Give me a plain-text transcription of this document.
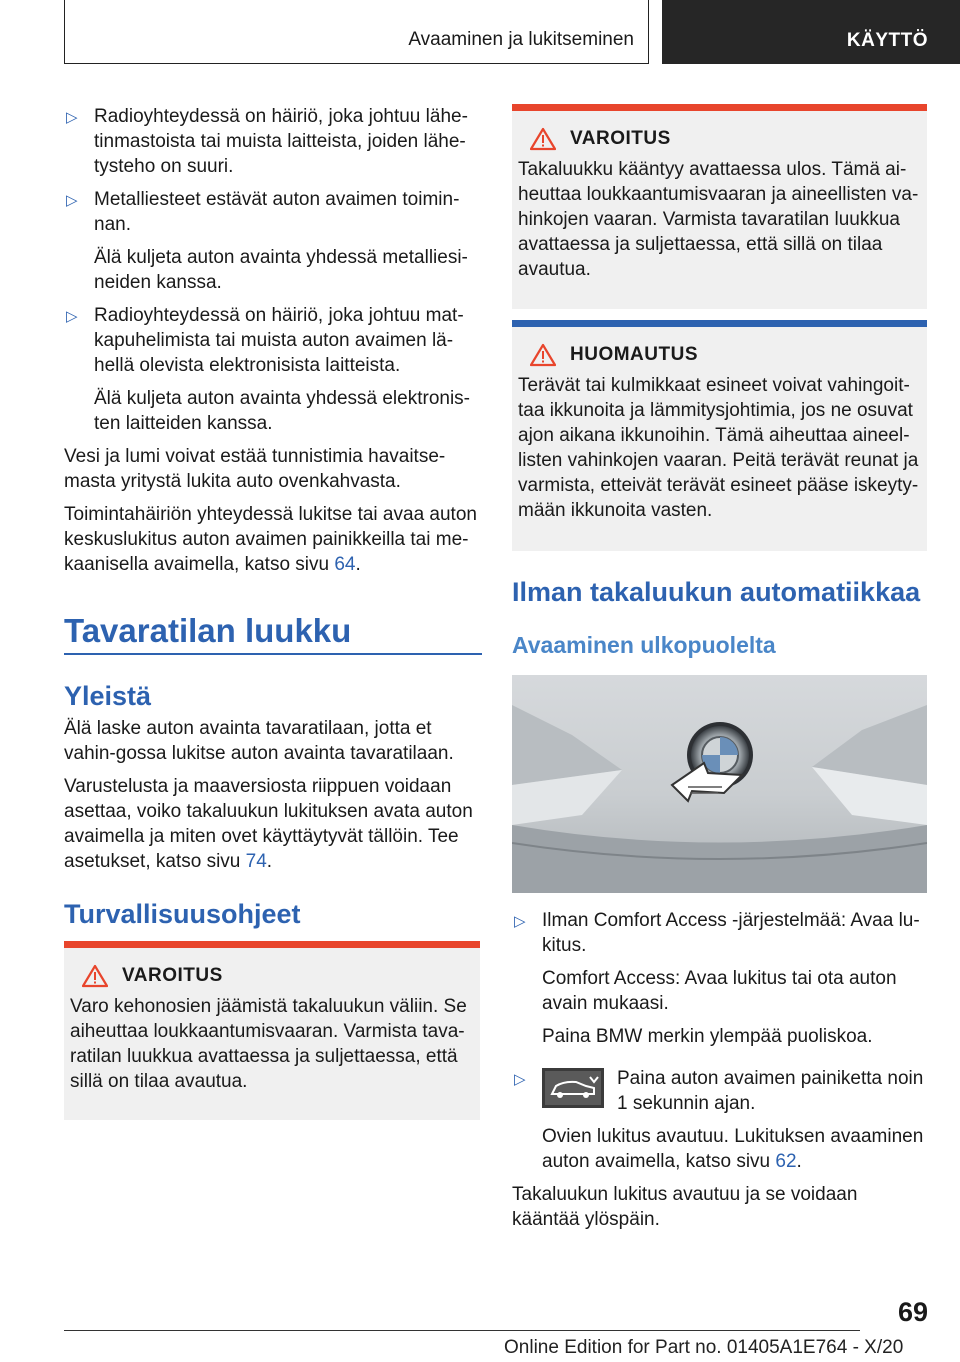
Avaaminen ja lukitseminen	KÄYTTÖ
▷ Radioyhteydessä on häiriö, joka johtuu lähe-tinmastoista tai muista laitteista, joiden lähe-tysteho on suuri.

▷ Metalliesteet estävät auton avaimen toimin-nan.

Älä kuljeta auton avainta yhdessä metalliesi-neiden kanssa.

▷ Radioyhteydessä on häiriö, joka johtuu mat-kapuhelimista tai muista auton avaimen lä-hellä olevista elektronisista laitteista.

Älä kuljeta auton avainta yhdessä elektronis-ten laitteiden kanssa.

Vesi ja lumi voivat estää tunnistimia havaitse-masta yritystä lukita auto ovenkahvasta.

Toimintahäiriön yhteydessä lukitse tai avaa auton keskuslukitus auton avaimen painikkeilla tai me-kaanisella avaimella, katso sivu 64.

Tavaratilan luukku
Yleistä

Älä laske auton avainta tavaratilaan, jotta et vahin-gossa lukitse auton avainta tavaratilaan.

Varustelusta ja maaversiosta riippuen voidaan asettaa, voiko takaluukun lukituksen avata auton avaimella ja miten ovet käyttäytyvät tällöin. Tee asetukset, katso sivu 74.

Turvallisuusohjeet
VAROITUS
Varo kehonosien jäämistä takaluukun väliin. Se aiheuttaa loukkaantumisvaaran. Varmista tava-ratilan luukkua avattaessa ja suljettaessa, että sillä on tilaa avautua.
VAROITUS
Takaluukku kääntyy avattaessa ulos. Tämä ai-heuttaa loukkaantumisvaaran ja aineellisten va-hinkojen vaaran. Varmista tavaratilan luukkua avattaessa ja suljettaessa, että sillä on tilaa avautua.
HUOMAUTUS
Terävät tai kulmikkaat esineet voivat vahingoit-taa ikkunoita ja lämmitysjohtimia, jos ne osuvat ajon aikana ikkunoihin. Tämä aiheuttaa aineel-listen vahinkojen vaaran. Peitä terävät reunat ja varmista, etteivät terävät esineet pääse iskeyty-mään ikkunoita vasten.
Ilman takaluukun automatiikkaa
Avaaminen ulkopuolelta
▷ Ilman Comfort Access -järjestelmää: Avaa lu-kitus.

Comfort Access: Avaa lukitus tai ota auton avain mukaasi.

Paina BMW merkin ylempää puoliskoa.

▷	Paina auton avaimen painiketta noin 1 sekunnin ajan.

Ovien lukitus avautuu. Lukituksen avaaminen auton avaimella, katso sivu 62.

Takaluukun lukitus avautuu ja se voidaan kääntää ylöspäin.

69
Online Edition for Part no. 01405A1E764 - X/20
